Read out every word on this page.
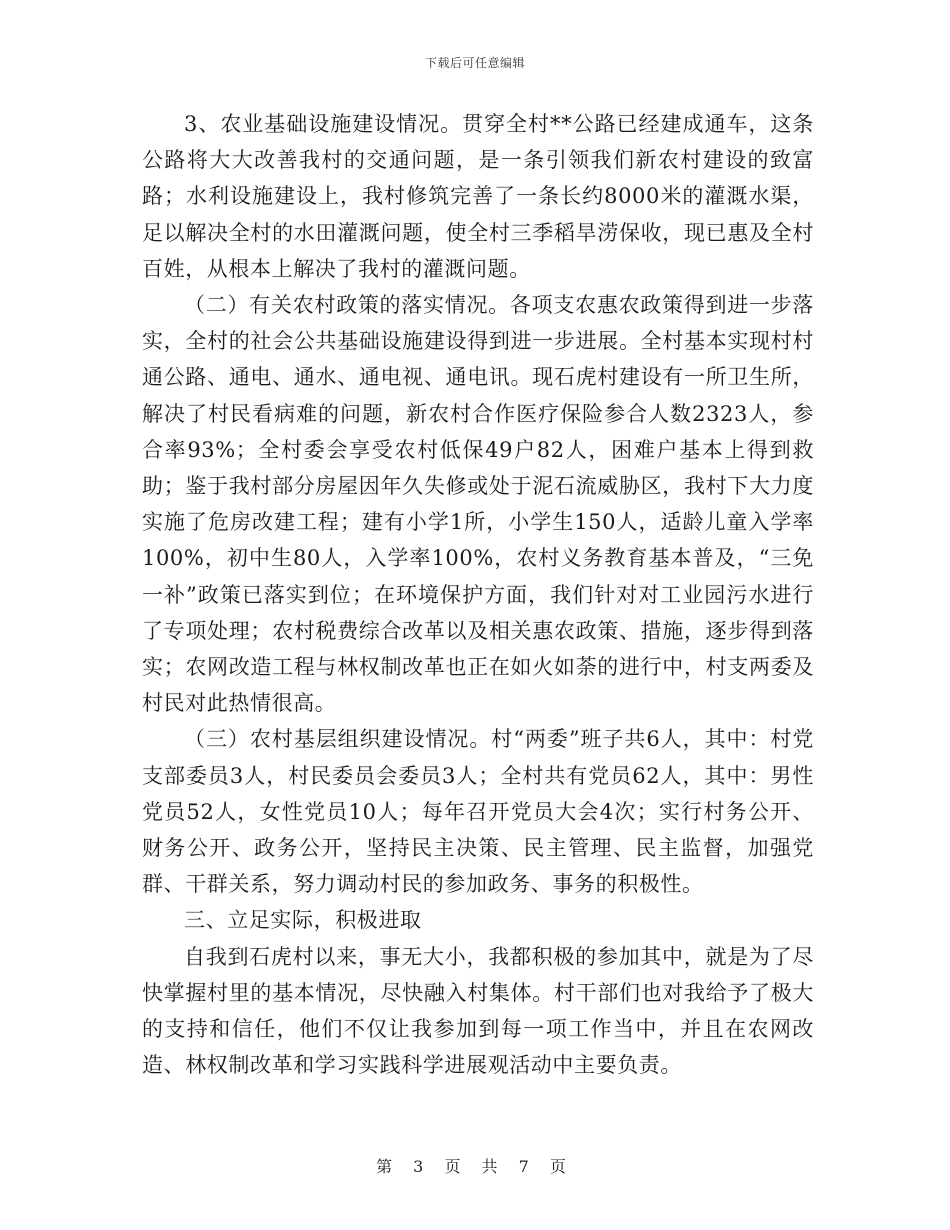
下载后可任意编辑

3、农业基础设施建设情况。贯穿全村**公路已经建成通车，这条公路将大大改善我村的交通问题，是一条引领我们新农村建设的致富路；水利设施建设上，我村修筑完善了一条长约8000米的灌溉水渠，足以解决全村的水田灌溉问题，使全村三季稻旱涝保收，现已惠及全村百姓，从根本上解决了我村的灌溉问题。

（二）有关农村政策的落实情况。各项支农惠农政策得到进一步落实，全村的社会公共基础设施建设得到进一步进展。全村基本实现村村通公路、通电、通水、通电视、通电讯。现石虎村建设有一所卫生所，解决了村民看病难的问题，新农村合作医疗保险参合人数2323人，参合率93%；全村委会享受农村低保49户82人，困难户基本上得到救助；鉴于我村部分房屋因年久失修或处于泥石流威胁区，我村下大力度实施了危房改建工程；建有小学1所，小学生150人，适龄儿童入学率100%，初中生80人，入学率100%，农村义务教育基本普及，“三免一补”政策已落实到位；在环境保护方面，我们针对对工业园污水进行了专项处理；农村税费综合改革以及相关惠农政策、措施，逐步得到落实；农网改造工程与林权制改革也正在如火如荼的进行中，村支两委及村民对此热情很高。

（三）农村基层组织建设情况。村“两委”班子共6人，其中：村党支部委员3人，村民委员会委员3人；全村共有党员62人，其中：男性党员52人，女性党员10人；每年召开党员大会4次；实行村务公开、财务公开、政务公开，坚持民主决策、民主管理、民主监督，加强党群、干群关系，努力调动村民的参加政务、事务的积极性。

三、立足实际，积极进取

自我到石虎村以来，事无大小，我都积极的参加其中，就是为了尽快掌握村里的基本情况，尽快融入村集体。村干部们也对我给予了极大的支持和信任，他们不仅让我参加到每一项工作当中，并且在农网改造、林权制改革和学习实践科学进展观活动中主要负责。

第 3 页 共 7 页
